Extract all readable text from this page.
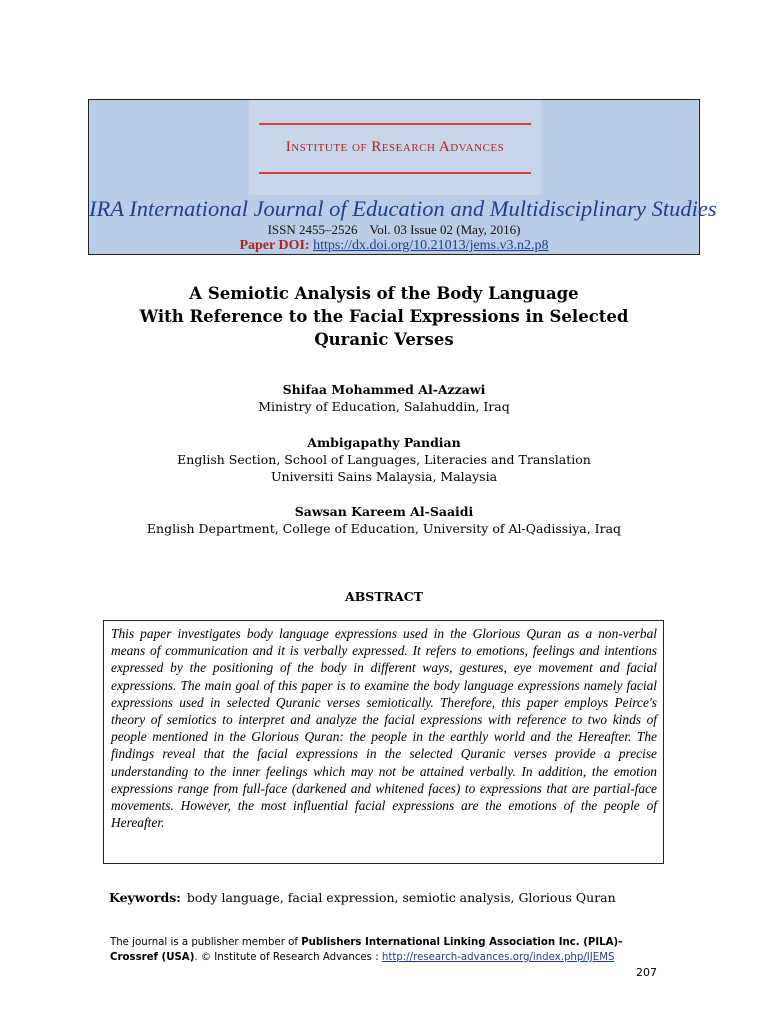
Institute of Research Advances
IRA International Journal of Education and Multidisciplinary Studies
ISSN 2455–2526 Vol. 03 Issue 02 (May, 2016)
Paper DOI: https://dx.doi.org/10.21013/jems.v3.n2.p8
A Semiotic Analysis of the Body Language
With Reference to the Facial Expressions in Selected
Quranic Verses
Shifaa Mohammed Al-Azzawi
Ministry of Education, Salahuddin, Iraq
Ambigapathy Pandian
English Section, School of Languages, Literacies and Translation
Universiti Sains Malaysia, Malaysia
Sawsan Kareem Al-Saaidi
English Department, College of Education, University of Al-Qadissiya, Iraq
ABSTRACT

This paper investigates body language expressions used in the Glorious Quran as a non-verbal means of communication and it is verbally expressed. It refers to emotions, feelings and intentions expressed by the positioning of the body in different ways, gestures, eye movement and facial expressions. The main goal of this paper is to examine the body language expressions namely facial expressions used in selected Quranic verses semiotically. Therefore, this paper employs Peirce's theory of semiotics to interpret and analyze the facial expressions with reference to two kinds of people mentioned in the Glorious Quran: the people in the earthly world and the Hereafter. The findings reveal that the facial expressions in the selected Quranic verses provide a precise understanding to the inner feelings which may not be attained verbally. In addition, the emotion expressions range from full-face (darkened and whitened faces) to expressions that are partial-face movements. However, the most influential facial expressions are the emotions of the people of Hereafter.

Keywords: body language, facial expression, semiotic analysis, Glorious Quran
The journal is a publisher member of Publishers International Linking Association Inc. (PILA)-Crossref (USA). © Institute of Research Advances : http://research-advances.org/index.php/IJEMS
207
